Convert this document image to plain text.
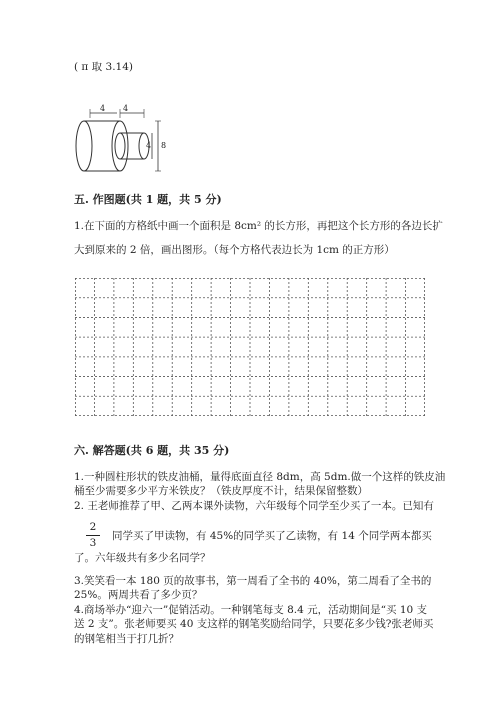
( π 取 3.14)
4 4
4 8
五. 作图题(共 1 题，共 5 分)
1.在下面的方格纸中画一个面积是 8cm² 的长方形，再把这个长方形的各边长扩
大到原来的 2 倍，画出图形。（每个方格代表边长为 1cm 的正方形）
六. 解答题(共 6 题，共 35 分)
1.一种圆柱形状的铁皮油桶，量得底面直径 8dm，高 5dm.做一个这样的铁皮油
桶至少需要多少平方米铁皮？（铁皮厚度不计，结果保留整数）
2. 王老师推荐了甲、乙两本课外读物，六年级每个同学至少买了一本。已知有
2
3
同学买了甲读物，有 45%的同学买了乙读物，有 14 个同学两本都买
了。六年级共有多少名同学？
3.笑笑看一本 180 页的故事书，第一周看了全书的 40%，第二周看了全书的
25%。两周共看了多少页？
4.商场举办“迎六一”促销活动。一种钢笔每支 8.4 元，活动期间是“买 10 支
送 2 支”。张老师要买 40 支这样的钢笔奖励给同学，只要花多少钱?张老师买
的钢笔相当于打几折？
